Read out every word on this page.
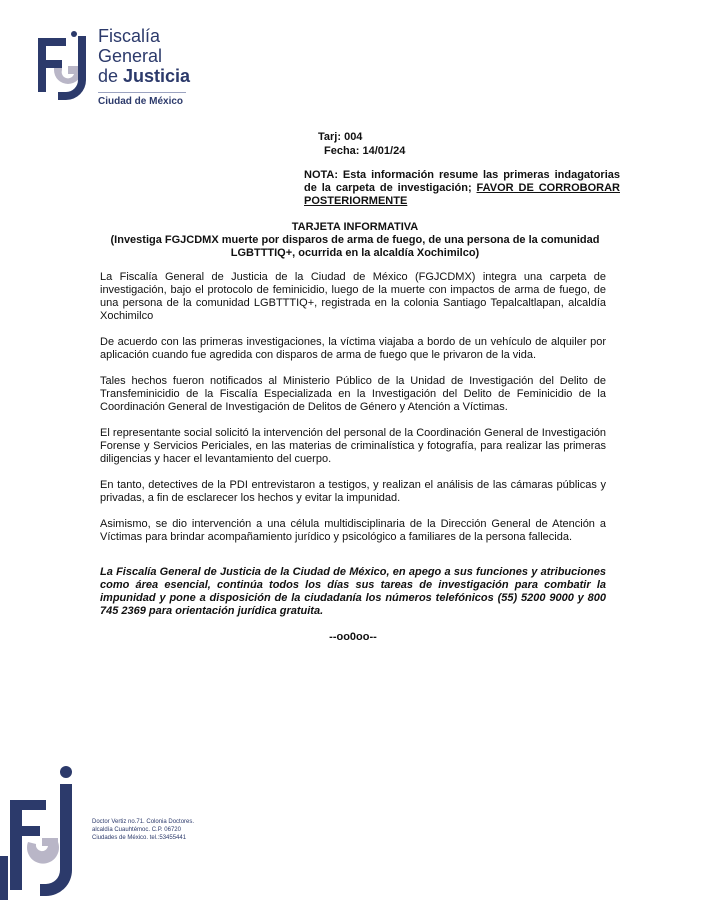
Fiscalía
General
de Justicia
Ciudad de México
Tarj: 004
Fecha: 14/01/24
NOTA: Esta información resume las primeras indagatorias de la carpeta de investigación; FAVOR DE CORROBORAR POSTERIORMENTE
TARJETA INFORMATIVA
(Investiga FGJCDMX muerte por disparos de arma de fuego, de una persona de la comunidad LGBTTTIQ+, ocurrida en la alcaldía Xochimilco)

La Fiscalía General de Justicia de la Ciudad de México (FGJCDMX) integra una carpeta de investigación, bajo el protocolo de feminicidio, luego de la muerte con impactos de arma de fuego, de una persona de la comunidad LGBTTTIQ+, registrada en la colonia Santiago Tepalcaltlapan, alcaldía Xochimilco

De acuerdo con las primeras investigaciones, la víctima viajaba a bordo de un vehículo de alquiler por aplicación cuando fue agredida con disparos de arma de fuego que le privaron de la vida.

Tales hechos fueron notificados al Ministerio Público de la Unidad de Investigación del Delito de Transfeminicidio de la Fiscalía Especializada en la Investigación del Delito de Feminicidio de la Coordinación General de Investigación de Delitos de Género y Atención a Víctimas.

El representante social solicitó la intervención del personal de la Coordinación General de Investigación Forense y Servicios Periciales, en las materias de criminalística y fotografía, para realizar las primeras diligencias y hacer el levantamiento del cuerpo.

En tanto, detectives de la PDI entrevistaron a testigos, y realizan el análisis de las cámaras públicas y privadas, a fin de esclarecer los hechos y evitar la impunidad.

Asimismo, se dio intervención a una célula multidisciplinaria de la Dirección General de Atención a Víctimas para brindar acompañamiento jurídico y psicológico a familiares de la persona fallecida.

La Fiscalía General de Justicia de la Ciudad de México, en apego a sus funciones y atribuciones como área esencial, continúa todos los días sus tareas de investigación para combatir la impunidad y pone a disposición de la ciudadanía los números telefónicos (55) 5200 9000 y 800 745 2369 para orientación jurídica gratuita.

--oo0oo--
Doctor Vertiz no.71. Colonia Doctores.
alcaldía Cuauhtémoc. C.P. 06720
Ciudades de México. tel.:53455441
